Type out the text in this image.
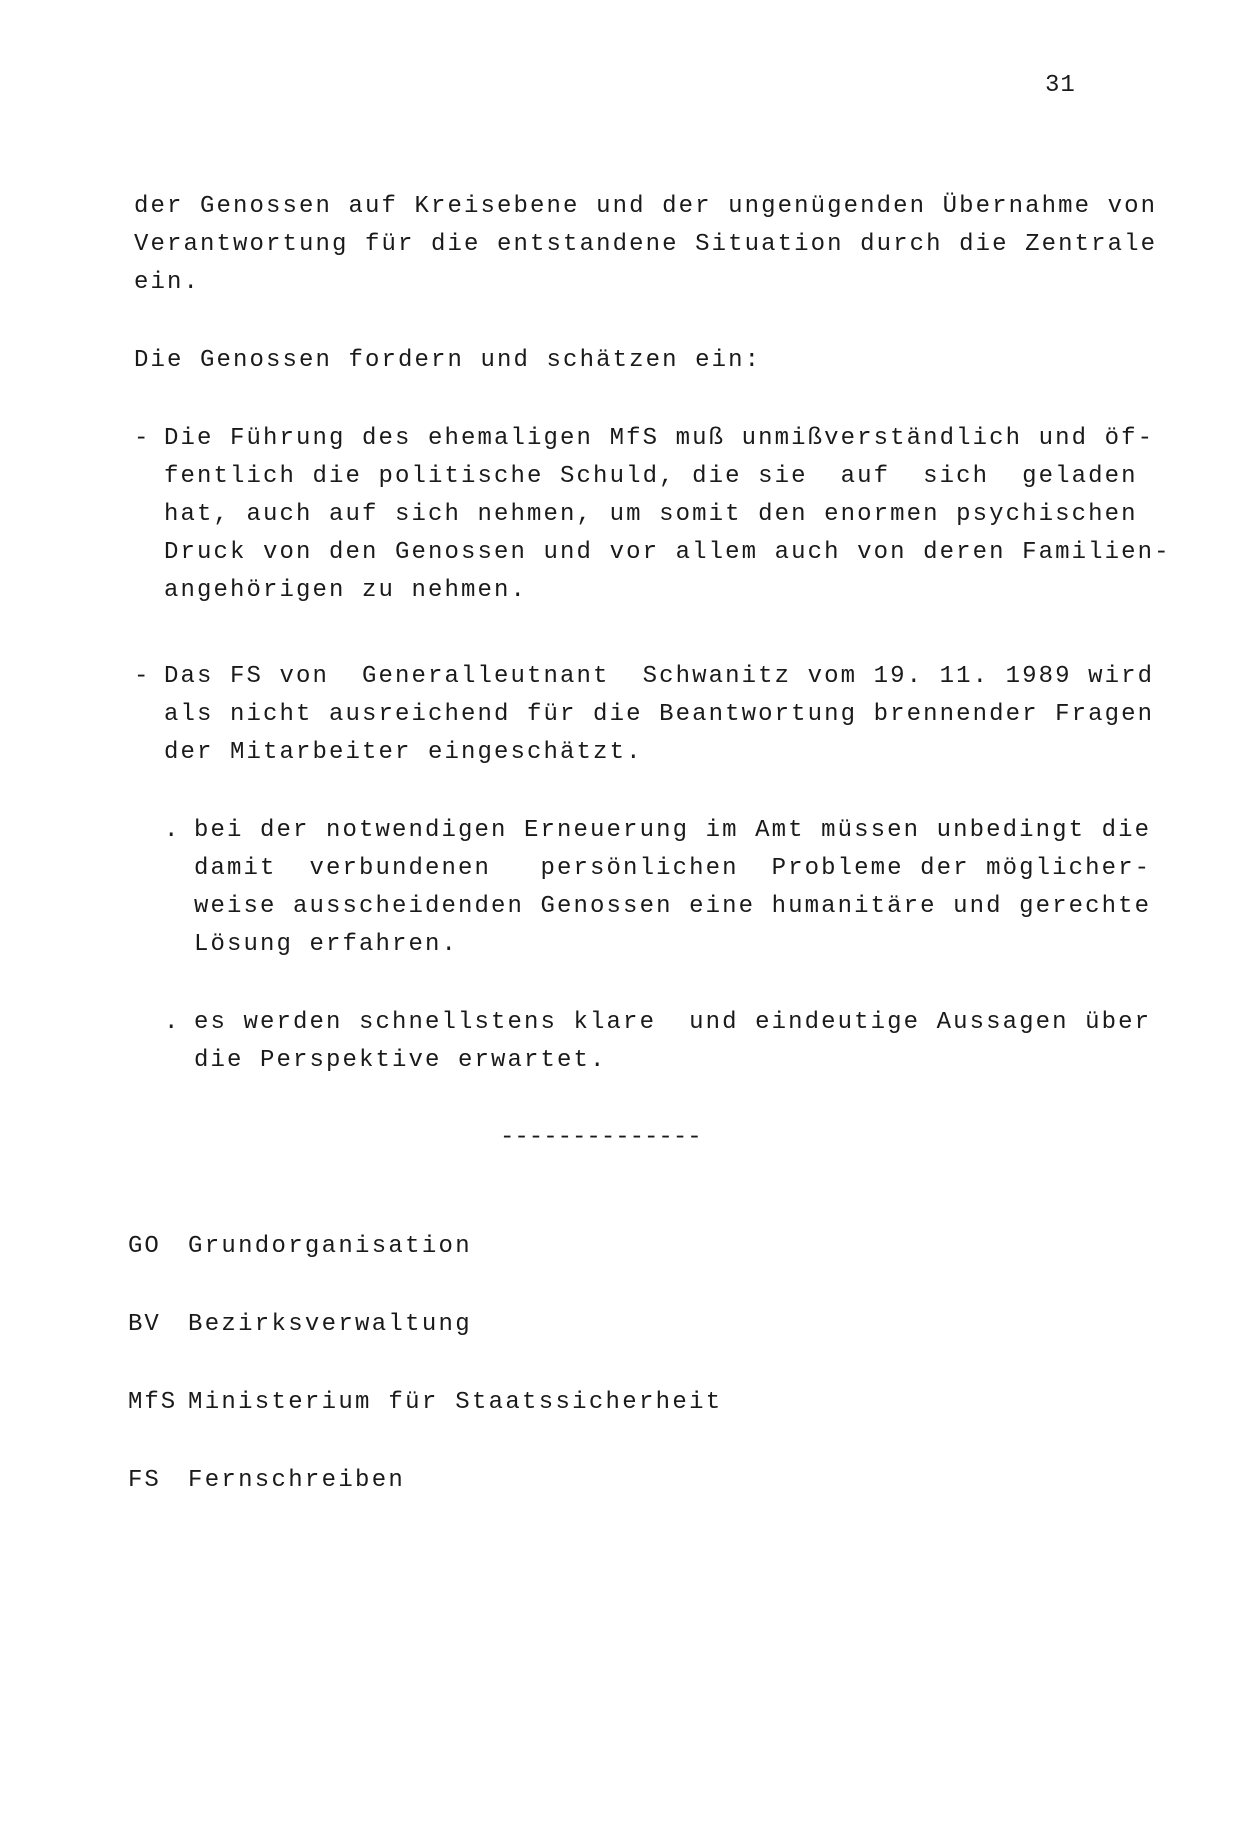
31
der Genossen auf Kreisebene und der ungenügenden Übernahme von
Verantwortung für die entstandene Situation durch die Zentrale
ein.
Die Genossen fordern und schätzen ein:
- Die Führung des ehemaligen MfS muß unmißverständlich und öf-
fentlich die politische Schuld, die sie  auf  sich  geladen
hat, auch auf sich nehmen, um somit den enormen psychischen
Druck von den Genossen und vor allem auch von deren Familien-
angehörigen zu nehmen.
- Das FS von  Generalleutnant  Schwanitz vom 19. 11. 1989 wird
als nicht ausreichend für die Beantwortung brennender Fragen
der Mitarbeiter eingeschätzt.
. bei der notwendigen Erneuerung im Amt müssen unbedingt die
damit  verbundenen   persönlichen  Probleme der möglicher-
weise ausscheidenden Genossen eine humanitäre und gerechte
Lösung erfahren.
. es werden schnellstens klare  und eindeutige Aussagen über
die Perspektive erwartet.
--------------
GO Grundorganisation
BV Bezirksverwaltung
MfS Ministerium für Staatssicherheit
FS Fernschreiben
